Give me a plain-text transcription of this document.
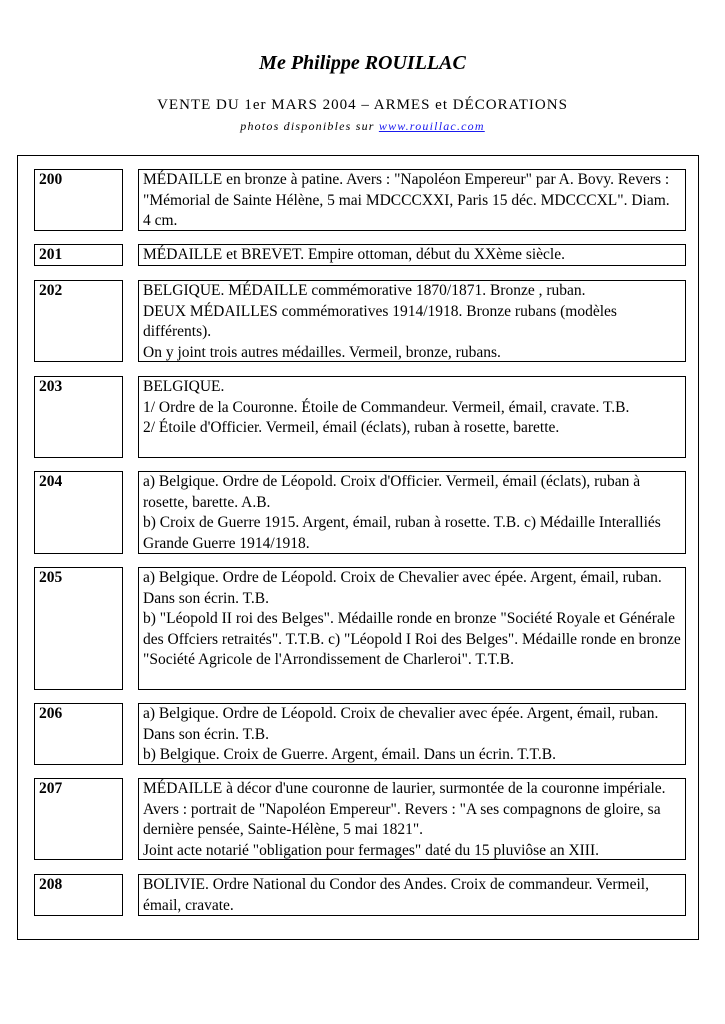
Me Philippe ROUILLAC
VENTE DU 1er MARS 2004 – ARMES et DÉCORATIONS
photos disponibles sur www.rouillac.com
200	MÉDAILLE en bronze à patine. Avers : "Napoléon Empereur" par A. Bovy. Revers : "Mémorial de Sainte Hélène, 5 mai MDCCCXXI, Paris 15 déc. MDCCCXL". Diam. 4 cm.
201	MÉDAILLE et BREVET. Empire ottoman, début du XXème siècle.
202	BELGIQUE. MÉDAILLE commémorative 1870/1871. Bronze , ruban.
DEUX MÉDAILLES commémoratives 1914/1918. Bronze rubans (modèles différents).
On y joint trois autres médailles. Vermeil, bronze, rubans.
203	BELGIQUE.
1/ Ordre de la Couronne. Étoile de Commandeur. Vermeil, émail, cravate. T.B.
2/ Étoile d'Officier. Vermeil, émail (éclats), ruban à rosette, barette.
204	a) Belgique. Ordre de Léopold. Croix d'Officier. Vermeil, émail (éclats), ruban à rosette, barette. A.B.
b) Croix de Guerre 1915. Argent, émail, ruban à rosette. T.B. c) Médaille Interalliés Grande Guerre 1914/1918.
205	a) Belgique. Ordre de Léopold. Croix de Chevalier avec épée. Argent, émail, ruban. Dans son écrin. T.B.
b) "Léopold II roi des Belges". Médaille ronde en bronze "Société Royale et Générale des Offciers retraités". T.T.B. c) "Léopold I Roi des Belges". Médaille ronde en bronze "Société Agricole de l'Arrondissement de Charleroi". T.T.B.
206	a) Belgique. Ordre de Léopold. Croix de chevalier avec épée. Argent, émail, ruban. Dans son écrin. T.B.
b) Belgique. Croix de Guerre. Argent, émail. Dans un écrin. T.T.B.
207	MÉDAILLE à décor d'une couronne de laurier, surmontée de la couronne impériale. Avers : portrait de "Napoléon Empereur". Revers : "A ses compagnons de gloire, sa dernière pensée, Sainte-Hélène, 5 mai 1821".
Joint acte notarié "obligation pour fermages" daté du 15 pluviôse an XIII.
208	BOLIVIE. Ordre National du Condor des Andes. Croix de commandeur. Vermeil, émail, cravate.
